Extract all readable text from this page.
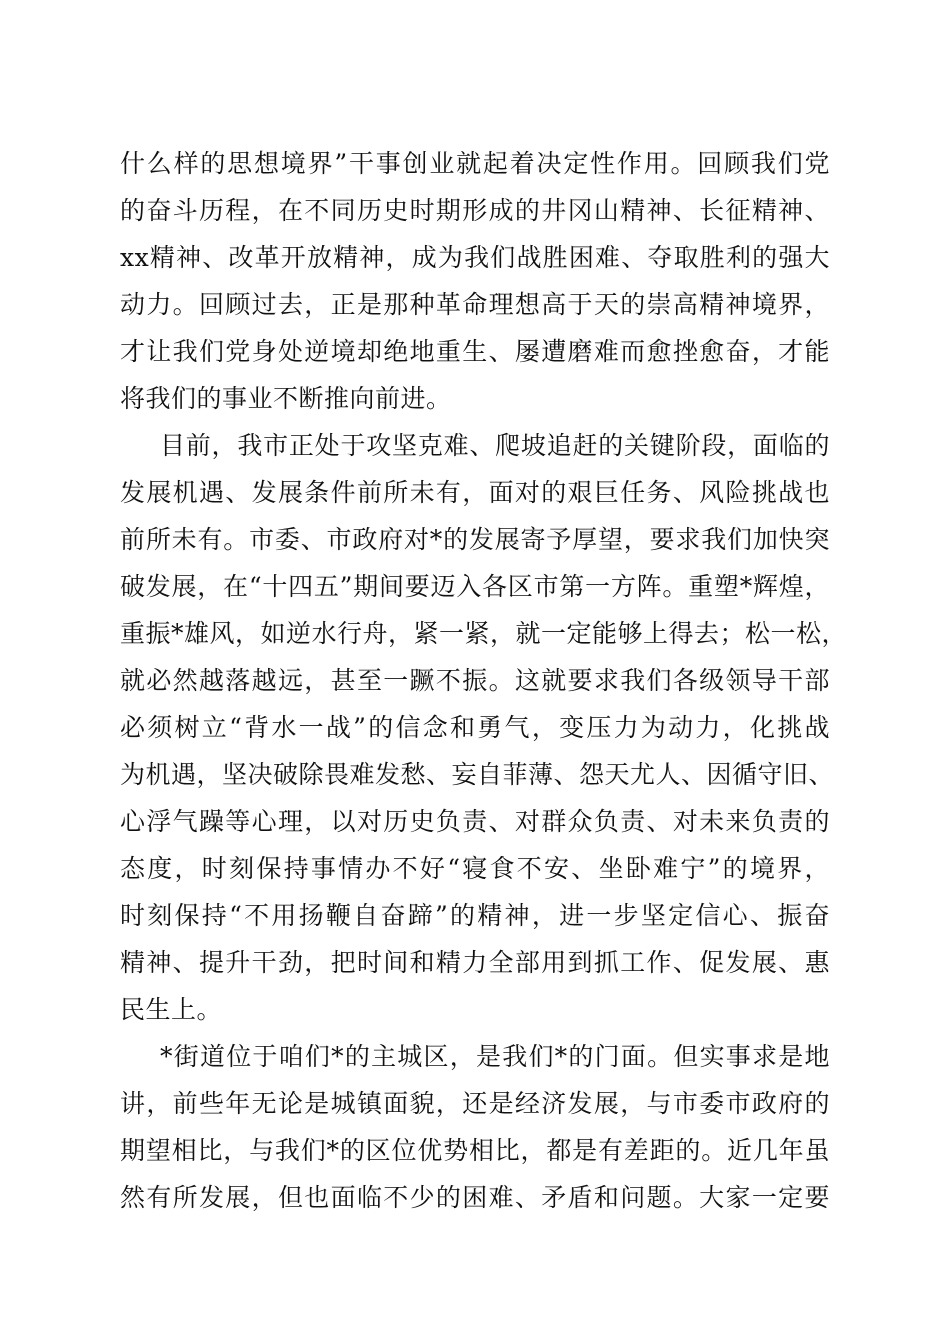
什么样的思想境界”干事创业就起着决定性作用。回顾我们党
的奋斗历程，在不同历史时期形成的井冈山精神、长征精神、
xx精神、改革开放精神，成为我们战胜困难、夺取胜利的强大
动力。回顾过去，正是那种革命理想高于天的崇高精神境界，
才让我们党身处逆境却绝地重生、屡遭磨难而愈挫愈奋，才能
将我们的事业不断推向前进。
目前，我市正处于攻坚克难、爬坡追赶的关键阶段，面临的
发展机遇、发展条件前所未有，面对的艰巨任务、风险挑战也
前所未有。市委、市政府对*的发展寄予厚望，要求我们加快突
破发展，在“十四五”期间要迈入各区市第一方阵。重塑*辉煌，
重振*雄风，如逆水行舟，紧一紧，就一定能够上得去；松一松，
就必然越落越远，甚至一蹶不振。这就要求我们各级领导干部
必须树立“背水一战”的信念和勇气，变压力为动力，化挑战
为机遇，坚决破除畏难发愁、妄自菲薄、怨天尤人、因循守旧、
心浮气躁等心理，以对历史负责、对群众负责、对未来负责的
态度，时刻保持事情办不好“寝食不安、坐卧难宁”的境界，
时刻保持“不用扬鞭自奋蹄”的精神，进一步坚定信心、振奋
精神、提升干劲，把时间和精力全部用到抓工作、促发展、惠
民生上。
*街道位于咱们*的主城区，是我们*的门面。但实事求是地
讲，前些年无论是城镇面貌，还是经济发展，与市委市政府的
期望相比，与我们*的区位优势相比，都是有差距的。近几年虽
然有所发展，但也面临不少的困难、矛盾和问题。大家一定要
